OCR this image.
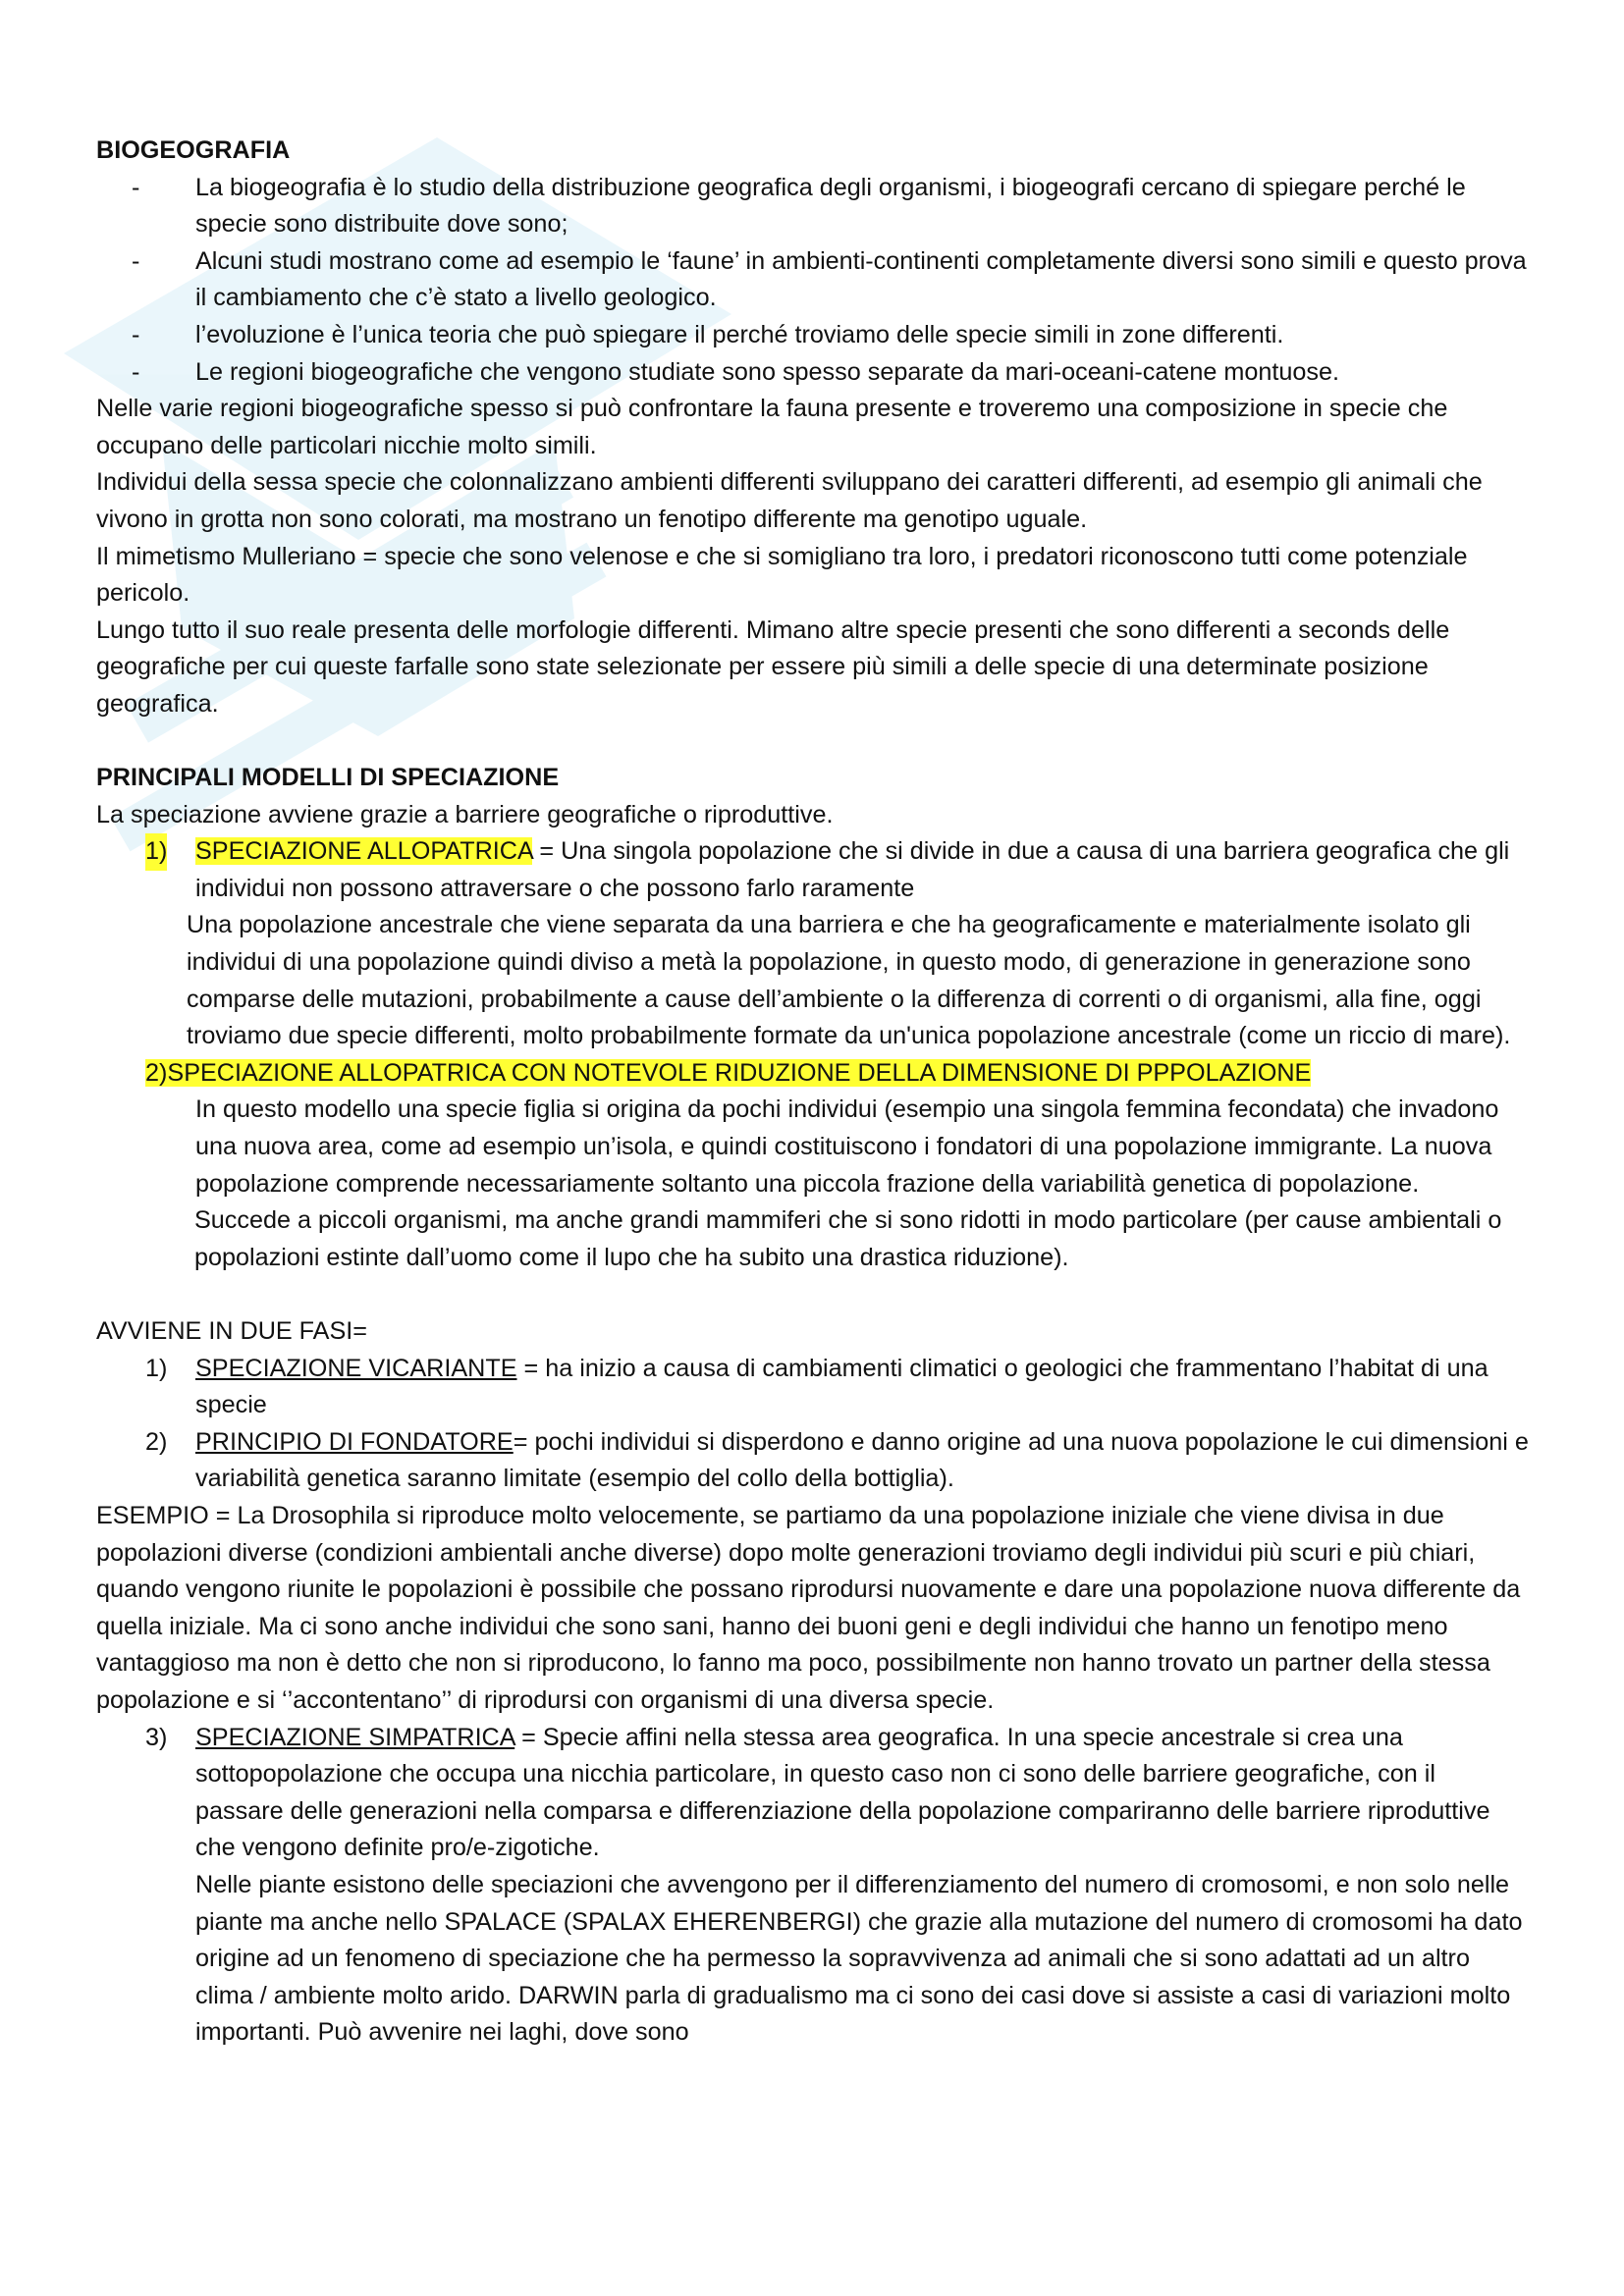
BIOGEOGRAFIA
- La biogeografia è lo studio della distribuzione geografica degli organismi, i biogeografi cercano di spiegare perché le specie sono distribuite dove sono;
- Alcuni studi mostrano come ad esempio le ‘faune’ in ambienti-continenti completamente diversi sono simili e questo prova il cambiamento che c’è stato a livello geologico.
- l’evoluzione è l’unica teoria che può spiegare il perché troviamo delle specie simili in zone differenti.
- Le regioni biogeografiche che vengono studiate sono spesso separate da mari-oceani-catene montuose.
Nelle varie regioni biogeografiche spesso si può confrontare la fauna presente e troveremo una composizione in specie che occupano delle particolari nicchie molto simili.
Individui della sessa specie che colonnalizzano ambienti differenti sviluppano dei caratteri differenti, ad esempio gli animali che vivono in grotta non sono colorati, ma mostrano un fenotipo differente ma genotipo uguale.
Il mimetismo Mulleriano = specie che sono velenose e che si somigliano tra loro, i predatori riconoscono tutti come potenziale pericolo.
Lungo tutto il suo reale presenta delle morfologie differenti. Mimano altre specie presenti che sono differenti a seconds delle geografiche per cui queste farfalle sono state selezionate per essere più simili a delle specie di una determinate posizione geografica.
PRINCIPALI MODELLI DI SPECIAZIONE
La speciazione avviene grazie a barriere geografiche o riproduttive.
1) SPECIAZIONE ALLOPATRICA = Una singola popolazione che si divide in due a causa di una barriera geografica che gli individui non possono attraversare o che possono farlo raramente
Una popolazione ancestrale che viene separata da una barriera e che ha geograficamente e materialmente isolato gli individui di una popolazione quindi diviso a metà la popolazione, in questo modo, di generazione in generazione sono comparse delle mutazioni, probabilmente a cause dell’ambiente o la differenza di correnti o di organismi, alla fine, oggi troviamo due specie differenti, molto probabilmente formate da un'unica popolazione ancestrale (come un riccio di mare).
2)SPECIAZIONE ALLOPATRICA CON NOTEVOLE RIDUZIONE DELLA DIMENSIONE DI PPPOLAZIONE
In questo modello una specie figlia si origina da pochi individui (esempio una singola femmina fecondata) che invadono una nuova area, come ad esempio un’isola, e quindi costituiscono i fondatori di una popolazione immigrante. La nuova popolazione comprende necessariamente soltanto una piccola frazione della variabilità genetica di popolazione.
Succede a piccoli organismi, ma anche grandi mammiferi che si sono ridotti in modo particolare (per cause ambientali o popolazioni estinte dall’uomo come il lupo che ha subito una drastica riduzione).
AVVIENE IN DUE FASI=
1) SPECIAZIONE VICARIANTE = ha inizio a causa di cambiamenti climatici o geologici che frammentano l’habitat di una specie
2) PRINCIPIO DI FONDATORE= pochi individui si disperdono e danno origine ad una nuova popolazione le cui dimensioni e variabilità genetica saranno limitate (esempio del collo della bottiglia).
ESEMPIO = La Drosophila si riproduce molto velocemente, se partiamo da una popolazione iniziale che viene divisa in due popolazioni diverse (condizioni ambientali anche diverse) dopo molte generazioni troviamo degli individui più scuri e più chiari, quando vengono riunite le popolazioni è possibile che possano riprodursi nuovamente e dare una popolazione nuova differente da quella iniziale. Ma ci sono anche individui che sono sani, hanno dei buoni geni e degli individui che hanno un fenotipo meno vantaggioso ma non è detto che non si riproducono, lo fanno ma poco, possibilmente non hanno trovato un partner della stessa popolazione e si ‘’accontentano’’ di riprodursi con organismi di una diversa specie.
3) SPECIAZIONE SIMPATRICA = Specie affini nella stessa area geografica. In una specie ancestrale si crea una sottopopolazione che occupa una nicchia particolare, in questo caso non ci sono delle barriere geografiche, con il passare delle generazioni nella comparsa e differenziazione della popolazione compariranno delle barriere riproduttive che vengono definite pro/e-zigotiche.
Nelle piante esistono delle speciazioni che avvengono per il differenziamento del numero di cromosomi, e non solo nelle piante ma anche nello SPALACE (SPALAX EHERENBERGI) che grazie alla mutazione del numero di cromosomi ha dato origine ad un fenomeno di speciazione che ha permesso la sopravvivenza ad animali che si sono adattati ad un altro clima / ambiente molto arido. DARWIN parla di gradualismo ma ci sono dei casi dove si assiste a casi di variazioni molto importanti. Può avvenire nei laghi, dove sono
